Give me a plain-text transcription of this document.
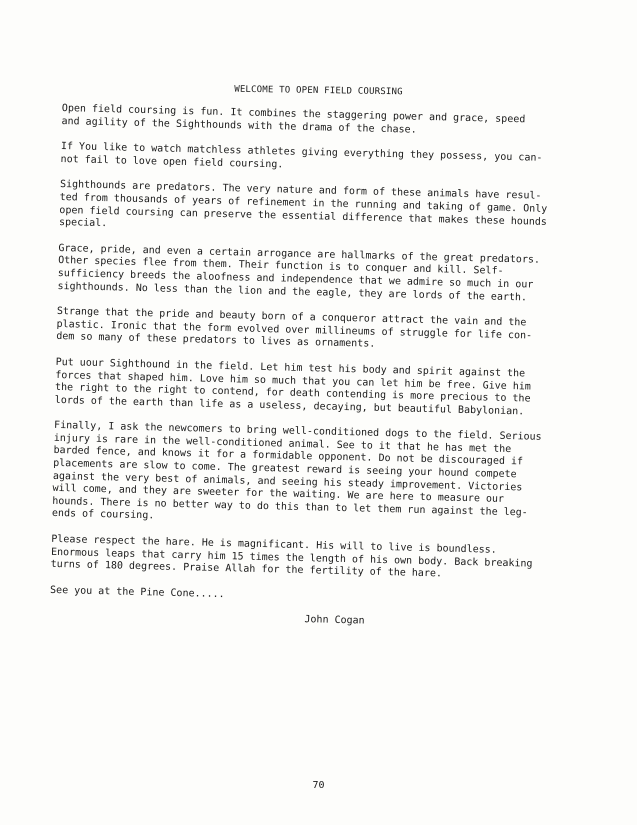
WELCOME TO OPEN FIELD COURSING

Open field coursing is fun. It combines the staggering power and grace, speed
and agility of the Sighthounds with the drama of the chase.

If You like to watch matchless athletes giving everything they possess, you can-
not fail to love open field coursing.

Sighthounds are predators. The very nature and form of these animals have resul-
ted from thousands of years of refinement in the running and taking of game. Only
open field coursing can preserve the essential difference that makes these hounds
special.

Grace, pride, and even a certain arrogance are hallmarks of the great predators.
Other species flee from them. Their function is to conquer and kill. Self-
sufficiency breeds the aloofness and independence that we admire so much in our
sighthounds. No less than the lion and the eagle, they are lords of the earth.

Strange that the pride and beauty born of a conqueror attract the vain and the
plastic. Ironic that the form evolved over millineums of struggle for life con-
dem so many of these predators to lives as ornaments.

Put uour Sighthound in the field. Let him test his body and spirit against the
forces that shaped him. Love him so much that you can let him be free. Give him
the right to the right to contend, for death contending is more precious to the
lords of the earth than life as a useless, decaying, but beautiful Babylonian.

Finally, I ask the newcomers to bring well-conditioned dogs to the field. Serious
injury is rare in the well-conditioned animal. See to it that he has met the
barded fence, and knows it for a formidable opponent. Do not be discouraged if
placements are slow to come. The greatest reward is seeing your hound compete
against the very best of animals, and seeing his steady improvement. Victories
will come, and they are sweeter for the waiting. We are here to measure our
hounds. There is no better way to do this than to let them run against the leg-
ends of coursing.

Please respect the hare. He is magnificant. His will to live is boundless.
Enormous leaps that carry him 15 times the length of his own body. Back breaking
turns of 180 degrees. Praise Allah for the fertility of the hare.

See you at the Pine Cone.....

John Cogan
70
